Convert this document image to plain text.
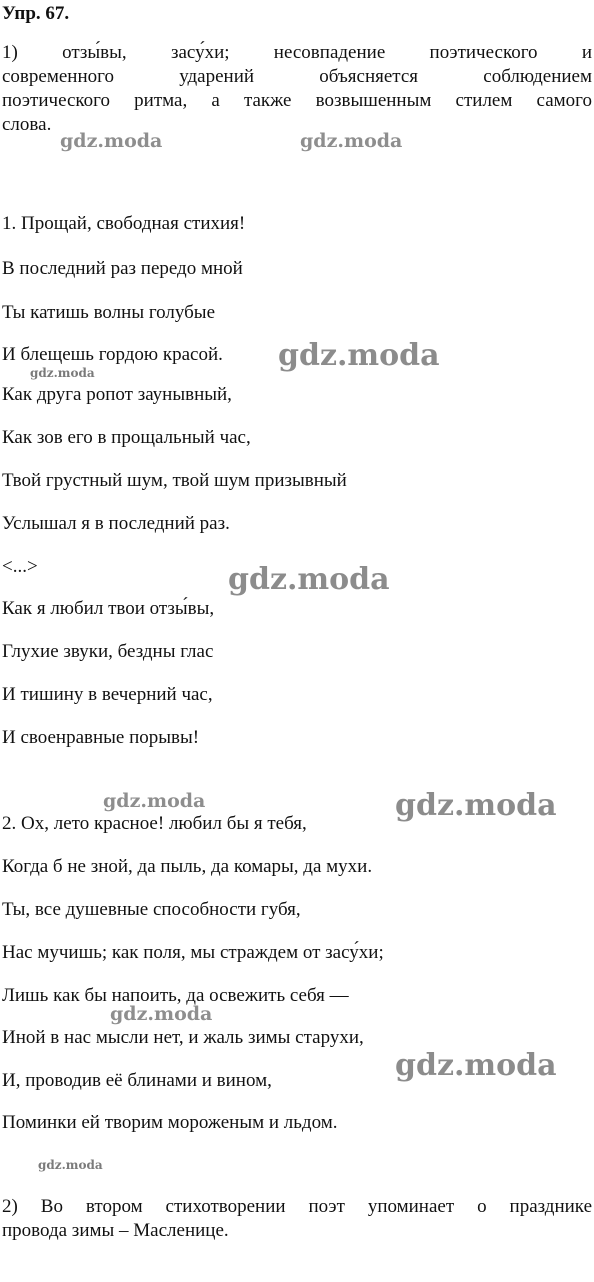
Упр. 67.
1) отзы́вы, засу́хи; несовпадение поэтического и
современного ударений объясняется соблюдением
поэтического ритма, а также возвышенным стилем самого
слова.
1. Прощай, свободная стихия!
В последний раз передо мной
Ты катишь волны голубые
И блещешь гордою красой.
Как друга ропот заунывный,
Как зов его в прощальный час,
Твой грустный шум, твой шум призывный
Услышал я в последний раз.
<...>
Как я любил твои отзы́вы,
Глухие звуки, бездны глас
И тишину в вечерний час,
И своенравные порывы!
2. Ох, лето красное! любил бы я тебя,
Когда б не зной, да пыль, да комары, да мухи.
Ты, все душевные способности губя,
Нас мучишь; как поля, мы страждем от засу́хи;
Лишь как бы напоить, да освежить себя —
Иной в нас мысли нет, и жаль зимы старухи,
И, проводив её блинами и вином,
Поминки ей творим мороженым и льдом.
2) Во втором стихотворении поэт упоминает о празднике
провода зимы – Масленице.
gdz.moda	gdz.moda
gdz.moda
gdz.moda
gdz.moda
gdz.moda	gdz.moda
gdz.moda
gdz.moda
gdz.moda
